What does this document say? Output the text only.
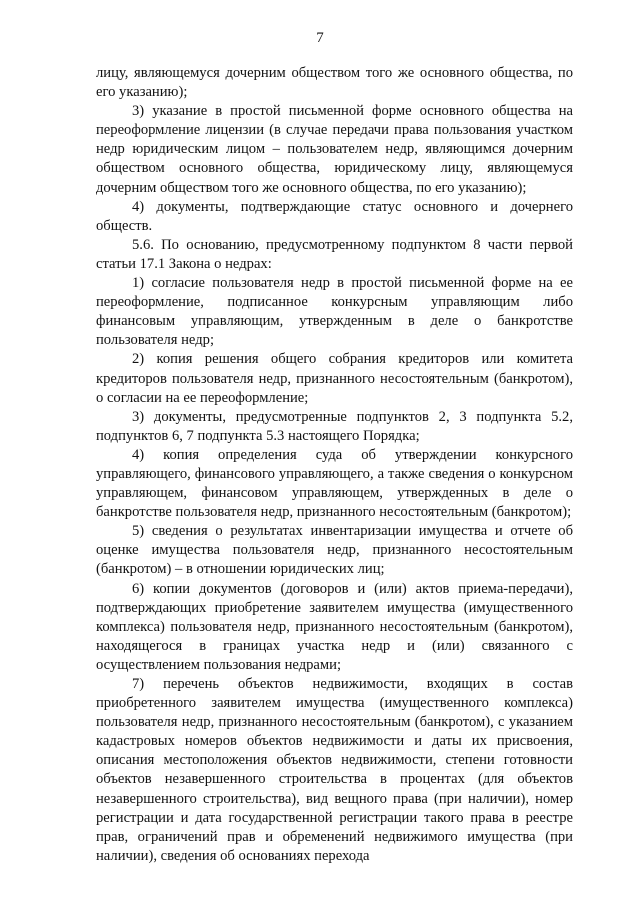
7

лицу, являющемуся дочерним обществом того же основного общества, по его указанию);

3) указание в простой письменной форме основного общества на переоформление лицензии (в случае передачи права пользования участком недр юридическим лицом – пользователем недр, являющимся дочерним обществом основного общества, юридическому лицу, являющемуся дочерним обществом того же основного общества, по его указанию);

4) документы, подтверждающие статус основного и дочернего обществ.

5.6. По основанию, предусмотренному подпунктом 8 части первой статьи 17.1 Закона о недрах:

1) согласие пользователя недр в простой письменной форме на ее переоформление, подписанное конкурсным управляющим либо финансовым управляющим, утвержденным в деле о банкротстве пользователя недр;

2) копия решения общего собрания кредиторов или комитета кредиторов пользователя недр, признанного несостоятельным (банкротом), о согласии на ее переоформление;

3) документы, предусмотренные подпунктов 2, 3 подпункта 5.2, подпунктов 6, 7 подпункта 5.3 настоящего Порядка;

4) копия определения суда об утверждении конкурсного управляющего, финансового управляющего, а также сведения о конкурсном управляющем, финансовом управляющем, утвержденных в деле о банкротстве пользователя недр, признанного несостоятельным (банкротом);

5) сведения о результатах инвентаризации имущества и отчете об оценке имущества пользователя недр, признанного несостоятельным (банкротом) – в отношении юридических лиц;

6) копии документов (договоров и (или) актов приема-передачи), подтверждающих приобретение заявителем имущества (имущественного комплекса) пользователя недр, признанного несостоятельным (банкротом), находящегося в границах участка недр и (или) связанного с осуществлением пользования недрами;

7) перечень объектов недвижимости, входящих в состав приобретенного заявителем имущества (имущественного комплекса) пользователя недр, признанного несостоятельным (банкротом), с указанием кадастровых номеров объектов недвижимости и даты их присвоения, описания местоположения объектов недвижимости, степени готовности объектов незавершенного строительства в процентах (для объектов незавершенного строительства), вид вещного права (при наличии), номер регистрации и дата государственной регистрации такого права в реестре прав, ограничений прав и обременений недвижимого имущества (при наличии), сведения об основаниях перехода
